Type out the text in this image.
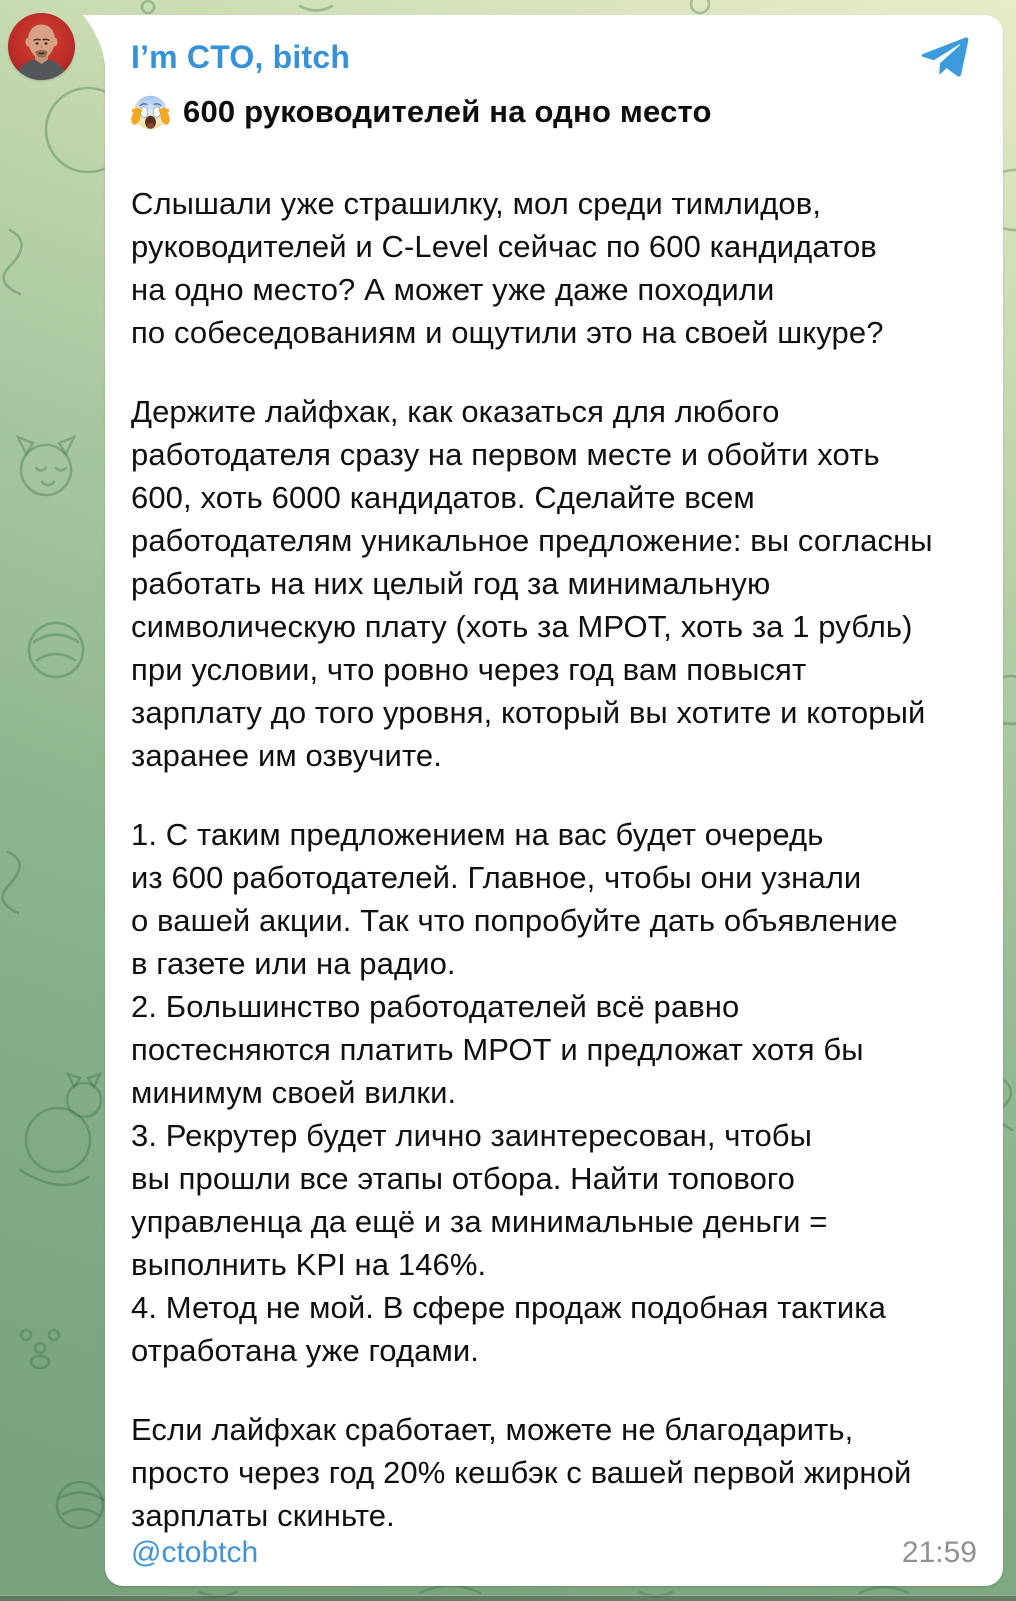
I’m CTO, bitch
600 руководителей на одно место

Слышали уже страшилку, мол среди тимлидов,
руководителей и C-Level сейчас по 600 кандидатов
на одно место? А может уже даже походили
по собеседованиям и ощутили это на своей шкуре?

Держите лайфхак, как оказаться для любого
работодателя сразу на первом месте и обойти хоть
600, хоть 6000 кандидатов. Сделайте всем
работодателям уникальное предложение: вы согласны
работать на них целый год за минимальную
символическую плату (хоть за МРОТ, хоть за 1 рубль)
при условии, что ровно через год вам повысят
зарплату до того уровня, который вы хотите и который
заранее им озвучите.

1. С таким предложением на вас будет очередь
из 600 работодателей. Главное, чтобы они узнали
о вашей акции. Так что попробуйте дать объявление
в газете или на радио.
2. Большинство работодателей всё равно
постесняются платить МРОТ и предложат хотя бы
минимум своей вилки.
3. Рекрутер будет лично заинтересован, чтобы
вы прошли все этапы отбора. Найти топового
управленца да ещё и за минимальные деньги =
выполнить KPI на 146%.
4. Метод не мой. В сфере продаж подобная тактика
отработана уже годами.

Если лайфхак сработает, можете не благодарить,
просто через год 20% кешбэк с вашей первой жирной
зарплаты скиньте.

@ctobtch	21:59
